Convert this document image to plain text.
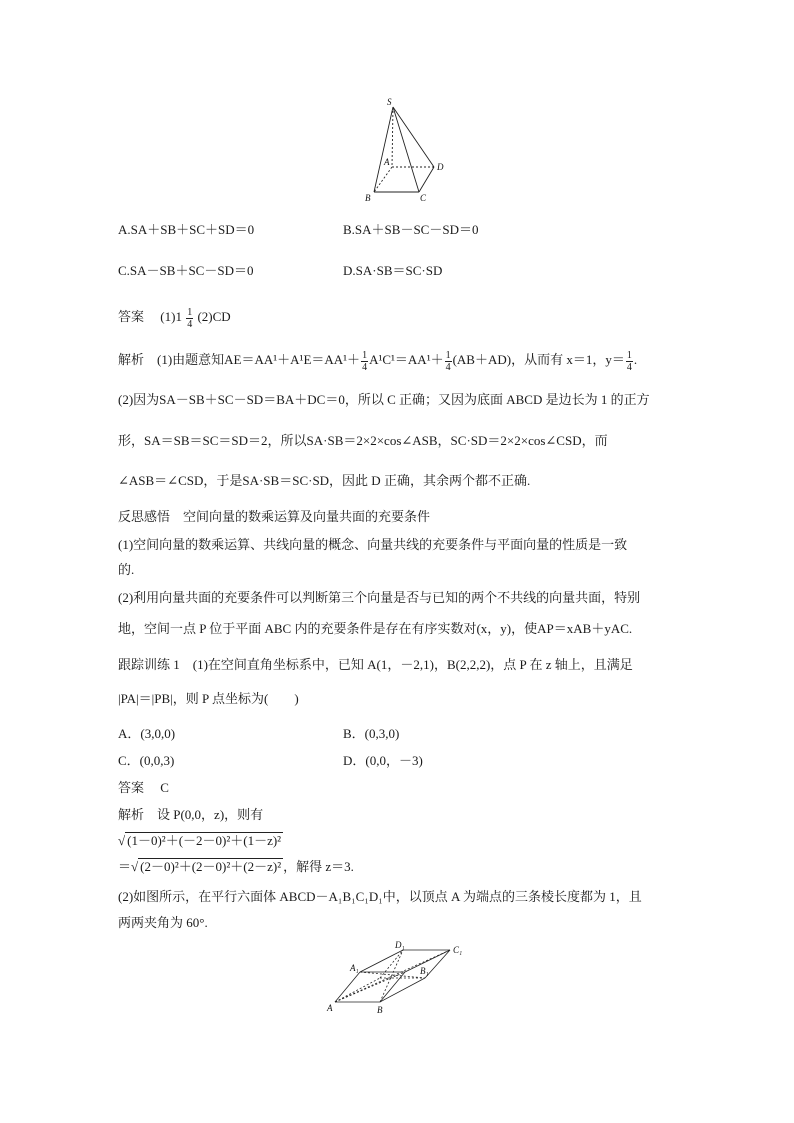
S
A
B	C
D
A.SA＋SB＋SC＋SD＝0	B.SA＋SB－SC－SD＝0
C.SA－SB＋SC－SD＝0	D.SA·SB＝SC·SD
答案　 $(1)1 \frac{1}{4} (2)CD$
解析　(1)由题意知$AE=AA^1+A^1E=AA^1+ \frac{1}{4} A^1C^1=AA^1+ \frac{1}{4} (AB+AD)$，从而有 x＝1，$y= \frac{1}{4}$ .
(2)因为SA－SB＋SC－SD＝BA＋DC＝0，所以 C 正确；又因为底面 ABCD 是边长为 1 的正方
形，SA＝SB＝SC＝SD＝2，所以SA·SB＝2×2×cos∠ASB，SC·SD＝2×2×cos∠CSD，而
∠ASB＝∠CSD，于是SA·SB＝SC·SD，因此 D 正确，其余两个都不正确.
反思感悟　空间向量的数乘运算及向量共面的充要条件
(1)空间向量的数乘运算、共线向量的概念、向量共线的充要条件与平面向量的性质是一致
的.
(2)利用向量共面的充要条件可以判断第三个向量是否与已知的两个不共线的向量共面，特别
地，空间一点 P 位于平面 ABC 内的充要条件是存在有序实数对(x，y)，使AP＝xAB＋yAC.
跟踪训练 1　(1)在空间直角坐标系中，已知 A(1，－2,1)，B(2,2,2)，点 P 在 z 轴上，且满足
|PA|＝|PB|，则 P 点坐标为(　　)
A．(3,0,0)	B．(0,3,0)
C．(0,0,3)	D．(0,0，－3)
答案　 C
解析　设 P(0,0，z)，则有
√ (1－0)²＋(－2－0)²＋(1－z)²
＝√ (2－0)²＋(2－0)²＋(2－z)² ，解得 z＝3.
(2)如图所示，在平行六面体 ABCD－A₁B₁C₁D₁中，以顶点 A 为端点的三条棱长度都为 1，且
两两夹角为 60°.
A	B
A₁	B₁
C₁
D₁
